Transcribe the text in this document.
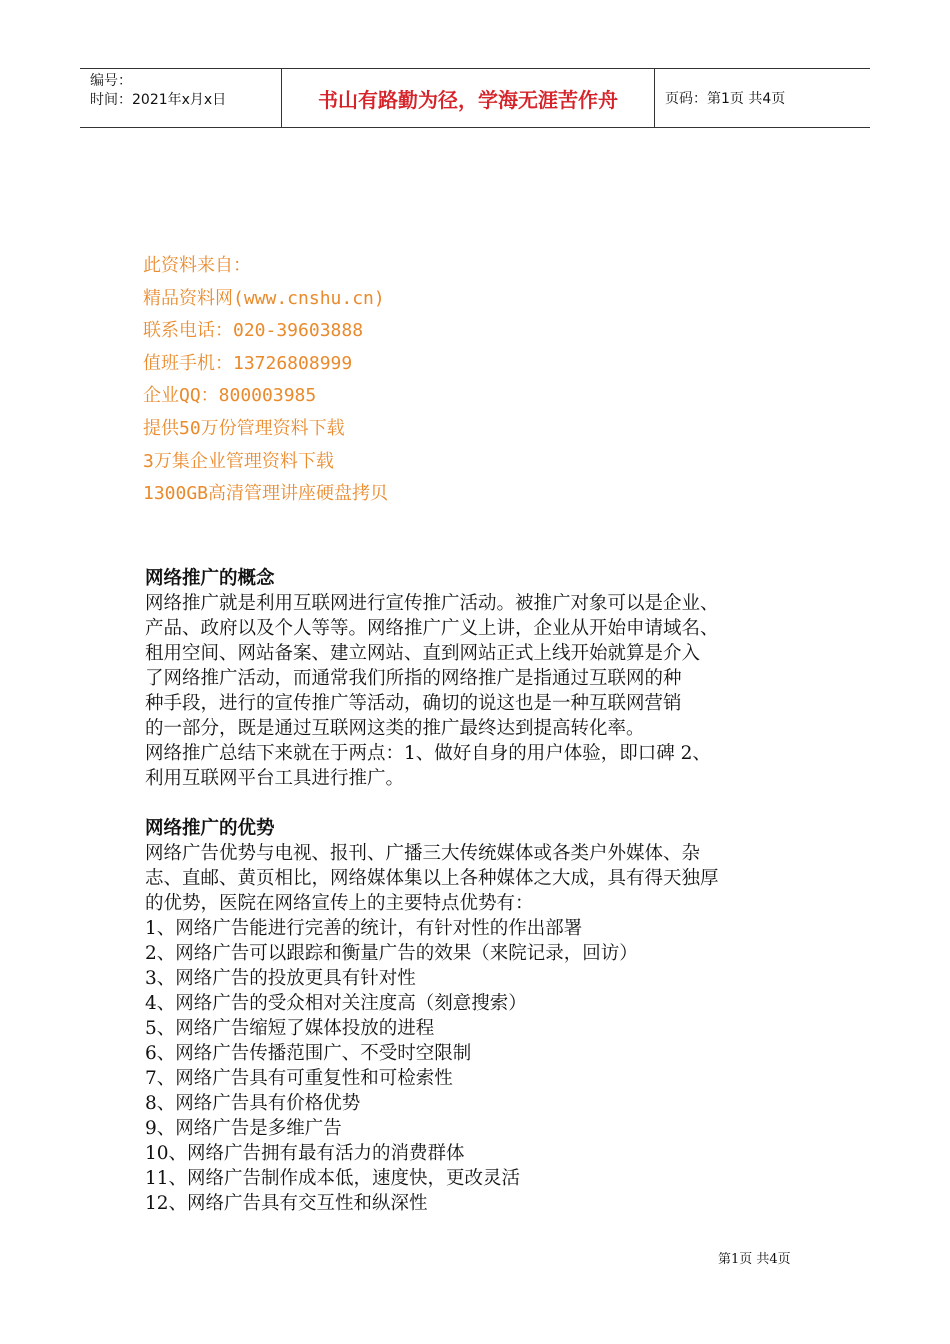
编号：
时间：2021年x月x日	书山有路勤为径，学海无涯苦作舟	页码：第1页 共4页
此资料来自：
精品资料网(www.cnshu.cn)
联系电话：020-39603888
值班手机：13726808999
企业QQ：800003985
提供50万份管理资料下载
3万集企业管理资料下载
1300GB高清管理讲座硬盘拷贝
网络推广的概念
网络推广就是利用互联网进行宣传推广活动。被推广对象可以是企业、
产品、政府以及个人等等。网络推广广义上讲，企业从开始申请域名、
租用空间、网站备案、建立网站、直到网站正式上线开始就算是介入
了网络推广活动，而通常我们所指的网络推广是指通过互联网的种
种手段，进行的宣传推广等活动，确切的说这也是一种互联网营销
的一部分，既是通过互联网这类的推广最终达到提高转化率。
网络推广总结下来就在于两点：1、做好自身的用户体验，即口碑 2、
利用互联网平台工具进行推广。
网络推广的优势
网络广告优势与电视、报刊、广播三大传统媒体或各类户外媒体、杂
志、直邮、黄页相比，网络媒体集以上各种媒体之大成，具有得天独厚
的优势，医院在网络宣传上的主要特点优势有：
1、网络广告能进行完善的统计，有针对性的作出部署
2、网络广告可以跟踪和衡量广告的效果（来院记录，回访）
3、网络广告的投放更具有针对性
4、网络广告的受众相对关注度高（刻意搜索）
5、网络广告缩短了媒体投放的进程
6、网络广告传播范围广、不受时空限制
7、网络广告具有可重复性和可检索性
8、网络广告具有价格优势
9、网络广告是多维广告
10、网络广告拥有最有活力的消费群体
11、网络广告制作成本低，速度快，更改灵活
12、网络广告具有交互性和纵深性
第1页 共4页
